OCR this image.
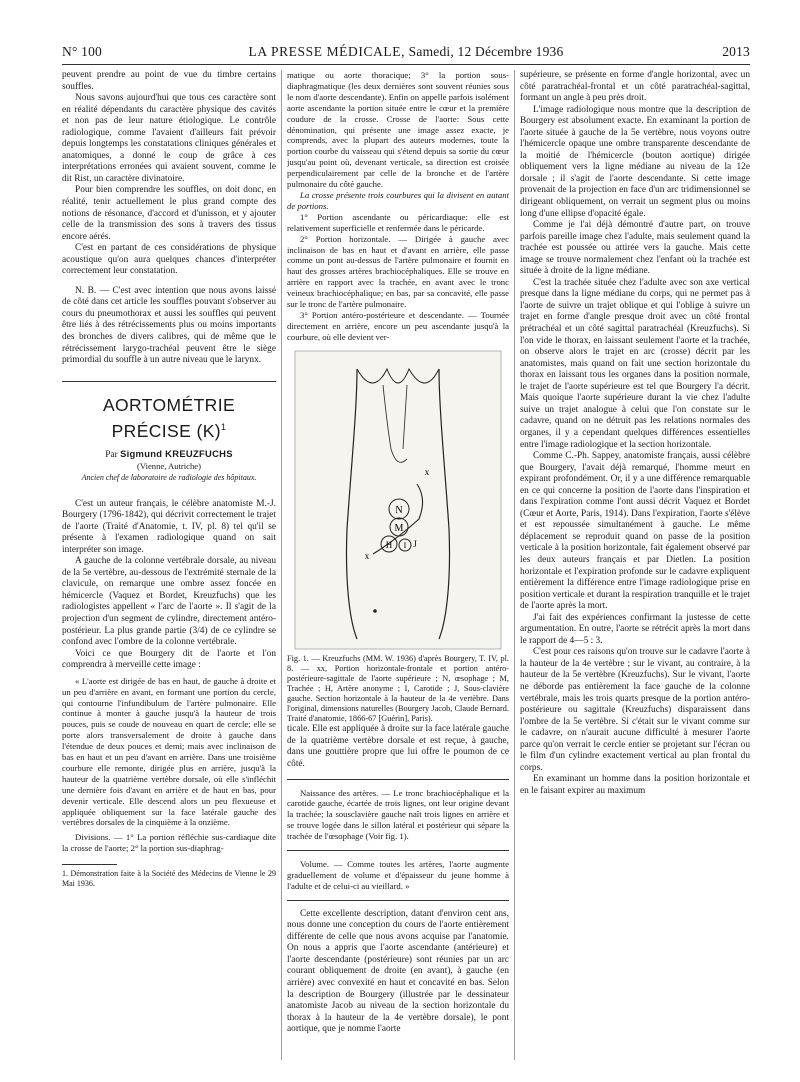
N° 100	LA PRESSE MÉDICALE, Samedi, 12 Décembre 1936	2013

peuvent prendre au point de vue du timbre certains souffles.

Nous savons aujourd'hui que tous ces caractère sont en réalité dépendants du caractère physique des cavités et non pas de leur nature étiologique. Le contrôle radiologique, comme l'avaient d'ailleurs fait prévoir depuis longtemps les constatations cliniques générales et anatomiques, a donné le coup de grâce à ces interprétations erronées qui avaient souvent, comme le dit Rist, un caractère divinatoire.

Pour bien comprendre les souffles, on doit donc, en réalité, tenir actuellement le plus grand compte des notions de résonance, d'accord et d'unisson, et y ajouter celle de la transmission des sons à travers des tissus encore aérés.

C'est en partant de ces considérations de physique acoustique qu'on aura quelques chances d'interpréter correctement leur constatation.

N. B. — C'est avec intention que nous avons laissé de côté dans cet article les souffles pouvant s'observer au cours du pneumothorax et aussi les souffles qui peuvent être liés à des rétrécissements plus ou moins importants des bronches de divers calibres, qui de même que le rétrécissement larygo-trachéal peuvent être le siège primordial du souffle à un autre niveau que le larynx.

AORTOMÉTRIE PRÉCISE $(K)^1$
Par Sigmund KREUZFUCHS
(Vienne, Autriche)
Ancien chef de laboratoire de radiologie des hôpitaux.

C'est un auteur français, le célèbre anatomiste M.-J. Bourgery (1796-1842), qui décrivit correctement le trajet de l'aorte (Traité d'Anatomie, t. IV, pl. 8) tel qu'il se présente à l'examen radiologique quand on sait interpréter son image.

A gauche de la colonne vertébrale dorsale, au niveau de la 5e vertèbre, au-dessous de l'extrémité sternale de la clavicule, on remarque une ombre assez foncée en hémicercle (Vaquez et Bordet, Kreuzfuchs) que les radiologistes appellent « l'arc de l'aorte ». Il s'agit de la projection d'un segment de cylindre, directement antéro-postérieur. La plus grande partie (3/4) de ce cylindre se confond avec l'ombre de la colonne vertébrale.

Voici ce que Bourgery dit de l'aorte et l'on comprendra à merveille cette image :

« L'aorte est dirigée de bas en haut, de gauche à droite et un peu d'arrière en avant, en formant une portion du cercle, qui contourne l'infundibulum de l'artère pulmonaire. Elle continue à monter à gauche jusqu'à la hauteur de trois pouces, puis se coude de nouveau en quart de cercle; elle se porte alors transversalement de droite à gauche dans l'étendue de deux pouces et demi; mais avec inclinaison de bas en haut et un peu d'avant en arrière. Dans une troisième courbure elle remonte, dirigée plus en arrière, jusqu'à la hauteur de la quatrième vertèbre dorsale, où elle s'infléchit une dernière fois d'avant en arrière et de haut en bas, pour devenir verticale. Elle descend alors un peu flexueuse et appliquée obliquement sur la face latérale gauche des vertèbres dorsales de la cinquième à la onzième.

Divisions. — 1° La portion réfléchie sus-cardiaque dite la crosse de l'aorte; 2° la portion sus-diaphrag-

1. Démonstration faite à la Société des Médecins de Vienne le 29 Mai 1936.

matique ou aorte thoracique; 3° la portion sous-diaphragmatique (les deux dernières sont souvent réunies sous le nom d'aorte descendante). Enfin on appelle parfois isolément aorte ascendante la portion située entre le cœur et la première coudure de la crosse. Crosse de l'aorte: Sous cette dénomination, qui présente une image assez exacte, je comprends, avec la plupart des auteurs modernes, toute la portion courbe du vaisseau qui s'étend depuis sa sortie du cœur jusqu'au point où, devenant verticale, sa direction est croisée perpendiculairement par celle de la bronche et de l'artère pulmonaire du côté gauche.

La crosse présente trois courbures qui la divisent en autant de portions.

1° Portion ascendante ou péricardiaque: elle est relativement superficielle et renfermée dans le péricarde.

2° Portion horizontale. — Dirigée à gauche avec inclinaison de bas en haut et d'avant en arrière, elle passe comme un pont au-dessus de l'artère pulmonaire et fournit en haut des grosses artères brachiocéphaliques. Elle se trouve en arrière en rapport avec la trachée, en avant avec le tronc veineux brachiocéphalique; en bas, par sa concavité, elle passe sur le tronc de l'artère pulmonaire.

3° Portion antéro-postérieure et descendante. — Tournée directement en arrière, encore un peu ascendante jusqu'à la courbure, où elle devient ver-

N
M
H I J
x
x

Fig. 1. — Kreuzfuchs (MM. W. 1936) d'après Bourgery, T. IV, pl. 8. — xx, Portion horizontale-frontale et portion antéro-postérieure-sagittale de l'aorte supérieure ; N, œsophage ; M, Trachée ; H, Artère anonyme ; I, Carotide ; J, Sous-clavière gauche. Section horizontale à la hauteur de la 4e vertèbre. Dans l'original, dimensions naturelles (Bourgery Jacob, Claude Bernard. Traité d'anatomie, 1866-67 [Guérin], Paris).

ticale. Elle est appliquée à droite sur la face latérale gauche de la quatrième vertèbre dorsale et est reçue, à gauche, dans une gouttière propre que lui offre le poumon de ce côté.

Naissance des artères. — Le tronc brachiocéphalique et la carotide gauche, écartée de trois lignes, ont leur origine devant la trachée; la sousclavière gauche naît trois lignes en arrière et se trouve logée dans le sillon latéral et postérieur qui sépare la trachée de l'œsophage (Voir fig. 1).

Volume. — Comme toutes les artères, l'aorte augmente graduellement de volume et d'épaisseur du jeune homme à l'adulte et de celui-ci au vieillard. »

Cette excellente description, datant d'environ cent ans, nous donne une conception du cours de l'aorte entièrement différente de celle que nous avons acquise par l'anatomie. On nous a appris que l'aorte ascendante (antérieure) et l'aorte descendante (postérieure) sont réunies par un arc courant obliquement de droite (en avant), à gauche (en arrière) avec convexité en haut et concavité en bas. Selon la description de Bourgery (illustrée par le dessinateur anatomiste Jacob au niveau de la section horizontale du thorax à la hauteur de la 4e vertèbre dorsale), le pont aortique, que je nomme l'aorte

supérieure, se présente en forme d'angle horizontal, avec un côté paratrachéal-frontal et un côté paratrachéal-sagittal, formant un angle à peu près droit.

L'image radiologique nous montre que la description de Bourgery est absolument exacte. En examinant la portion de l'aorte située à gauche de la 5e vertèbre, nous voyons outre l'hémicercle opaque une ombre transparente descendante de la moitié de l'hémicercle (bouton aortique) dirigée obliquement vers la ligne médiane au niveau de la 12e dorsale ; il s'agit de l'aorte descendante. Si cette image provenait de la projection en face d'un arc tridimensionnel se dirigeant obliquement, on verrait un segment plus ou moins long d'une ellipse d'opacité égale.

Comme je l'ai déjà démontré d'autre part, on trouve parfois pareille image chez l'adulte, mais seulement quand la trachée est poussée ou attirée vers la gauche. Mais cette image se trouve normalement chez l'enfant où la trachée est située à droite de la ligne médiane.

C'est la trachée située chez l'adulte avec son axe vertical presque dans la ligne médiane du corps, qui ne permet pas à l'aorte de suivre un trajet oblique et qui l'oblige à suivre un trajet en forme d'angle presque droit avec un côté frontal prétrachéal et un côté sagittal paratrachéal (Kreuzfuchs). Si l'on vide le thorax, en laissant seulement l'aorte et la trachée, on observe alors le trajet en arc (crosse) décrit par les anatomistes, mais quand on fait une section horizontale du thorax en laissant tous les organes dans la position normale, le trajet de l'aorte supérieure est tel que Bourgery l'a décrit. Mais quoique l'aorte supérieure durant la vie chez l'adulte suive un trajet analogue à celui que l'on constate sur le cadavre, quand on ne détruit pas les relations normales des organes, il y a cependant quelques différences essentielles entre l'image radiologique et la section horizontale.

Comme C.-Ph. Sappey, anatomiste français, aussi célèbre que Bourgery, l'avait déjà remarqué, l'homme meurt en expirant profondément. Or, il y a une différence remarquable en ce qui concerne la position de l'aorte dans l'inspiration et dans l'expiration comme l'ont aussi décrit Vaquez et Bordet (Cœur et Aorte, Paris, 1914). Dans l'expiration, l'aorte s'élève et est repoussée simultanément à gauche. Le même déplacement se reproduit quand on passe de la position verticale à la position horizontale, fait également observé par les deux auteurs français et par Dietlen. La position horizontale et l'expiration profonde sur le cadavre expliquent entièrement la différence entre l'image radiologique prise en position verticale et durant la respiration tranquille et le trajet de l'aorte après la mort.

J'ai fait des expériences confirmant la justesse de cette argumentation. En outre, l'aorte se rétrécit après la mort dans le rapport de 4—5 : 3.

C'est pour ces raisons qu'on trouve sur le cadavre l'aorte à la hauteur de la 4e vertèbre ; sur le vivant, au contraire, à la hauteur de la 5e vertèbre (Kreuzfuchs). Sur le vivant, l'aorte ne déborde pas entièrement la face gauche de la colonne vertébrale, mais les trois quarts presque de la portion antéro-postérieure ou sagittale (Kreuzfuchs) disparaissent dans l'ombre de la 5e vertèbre. Si c'était sur le vivant comme sur le cadavre, on n'aurait aucune difficulté à mesurer l'aorte parce qu'on verrait le cercle entier se projetant sur l'écran ou le film d'un cylindre exactement vertical au plan frontal du corps.

En examinant un homme dans la position horizontale et en le faisant expirer au maximum
